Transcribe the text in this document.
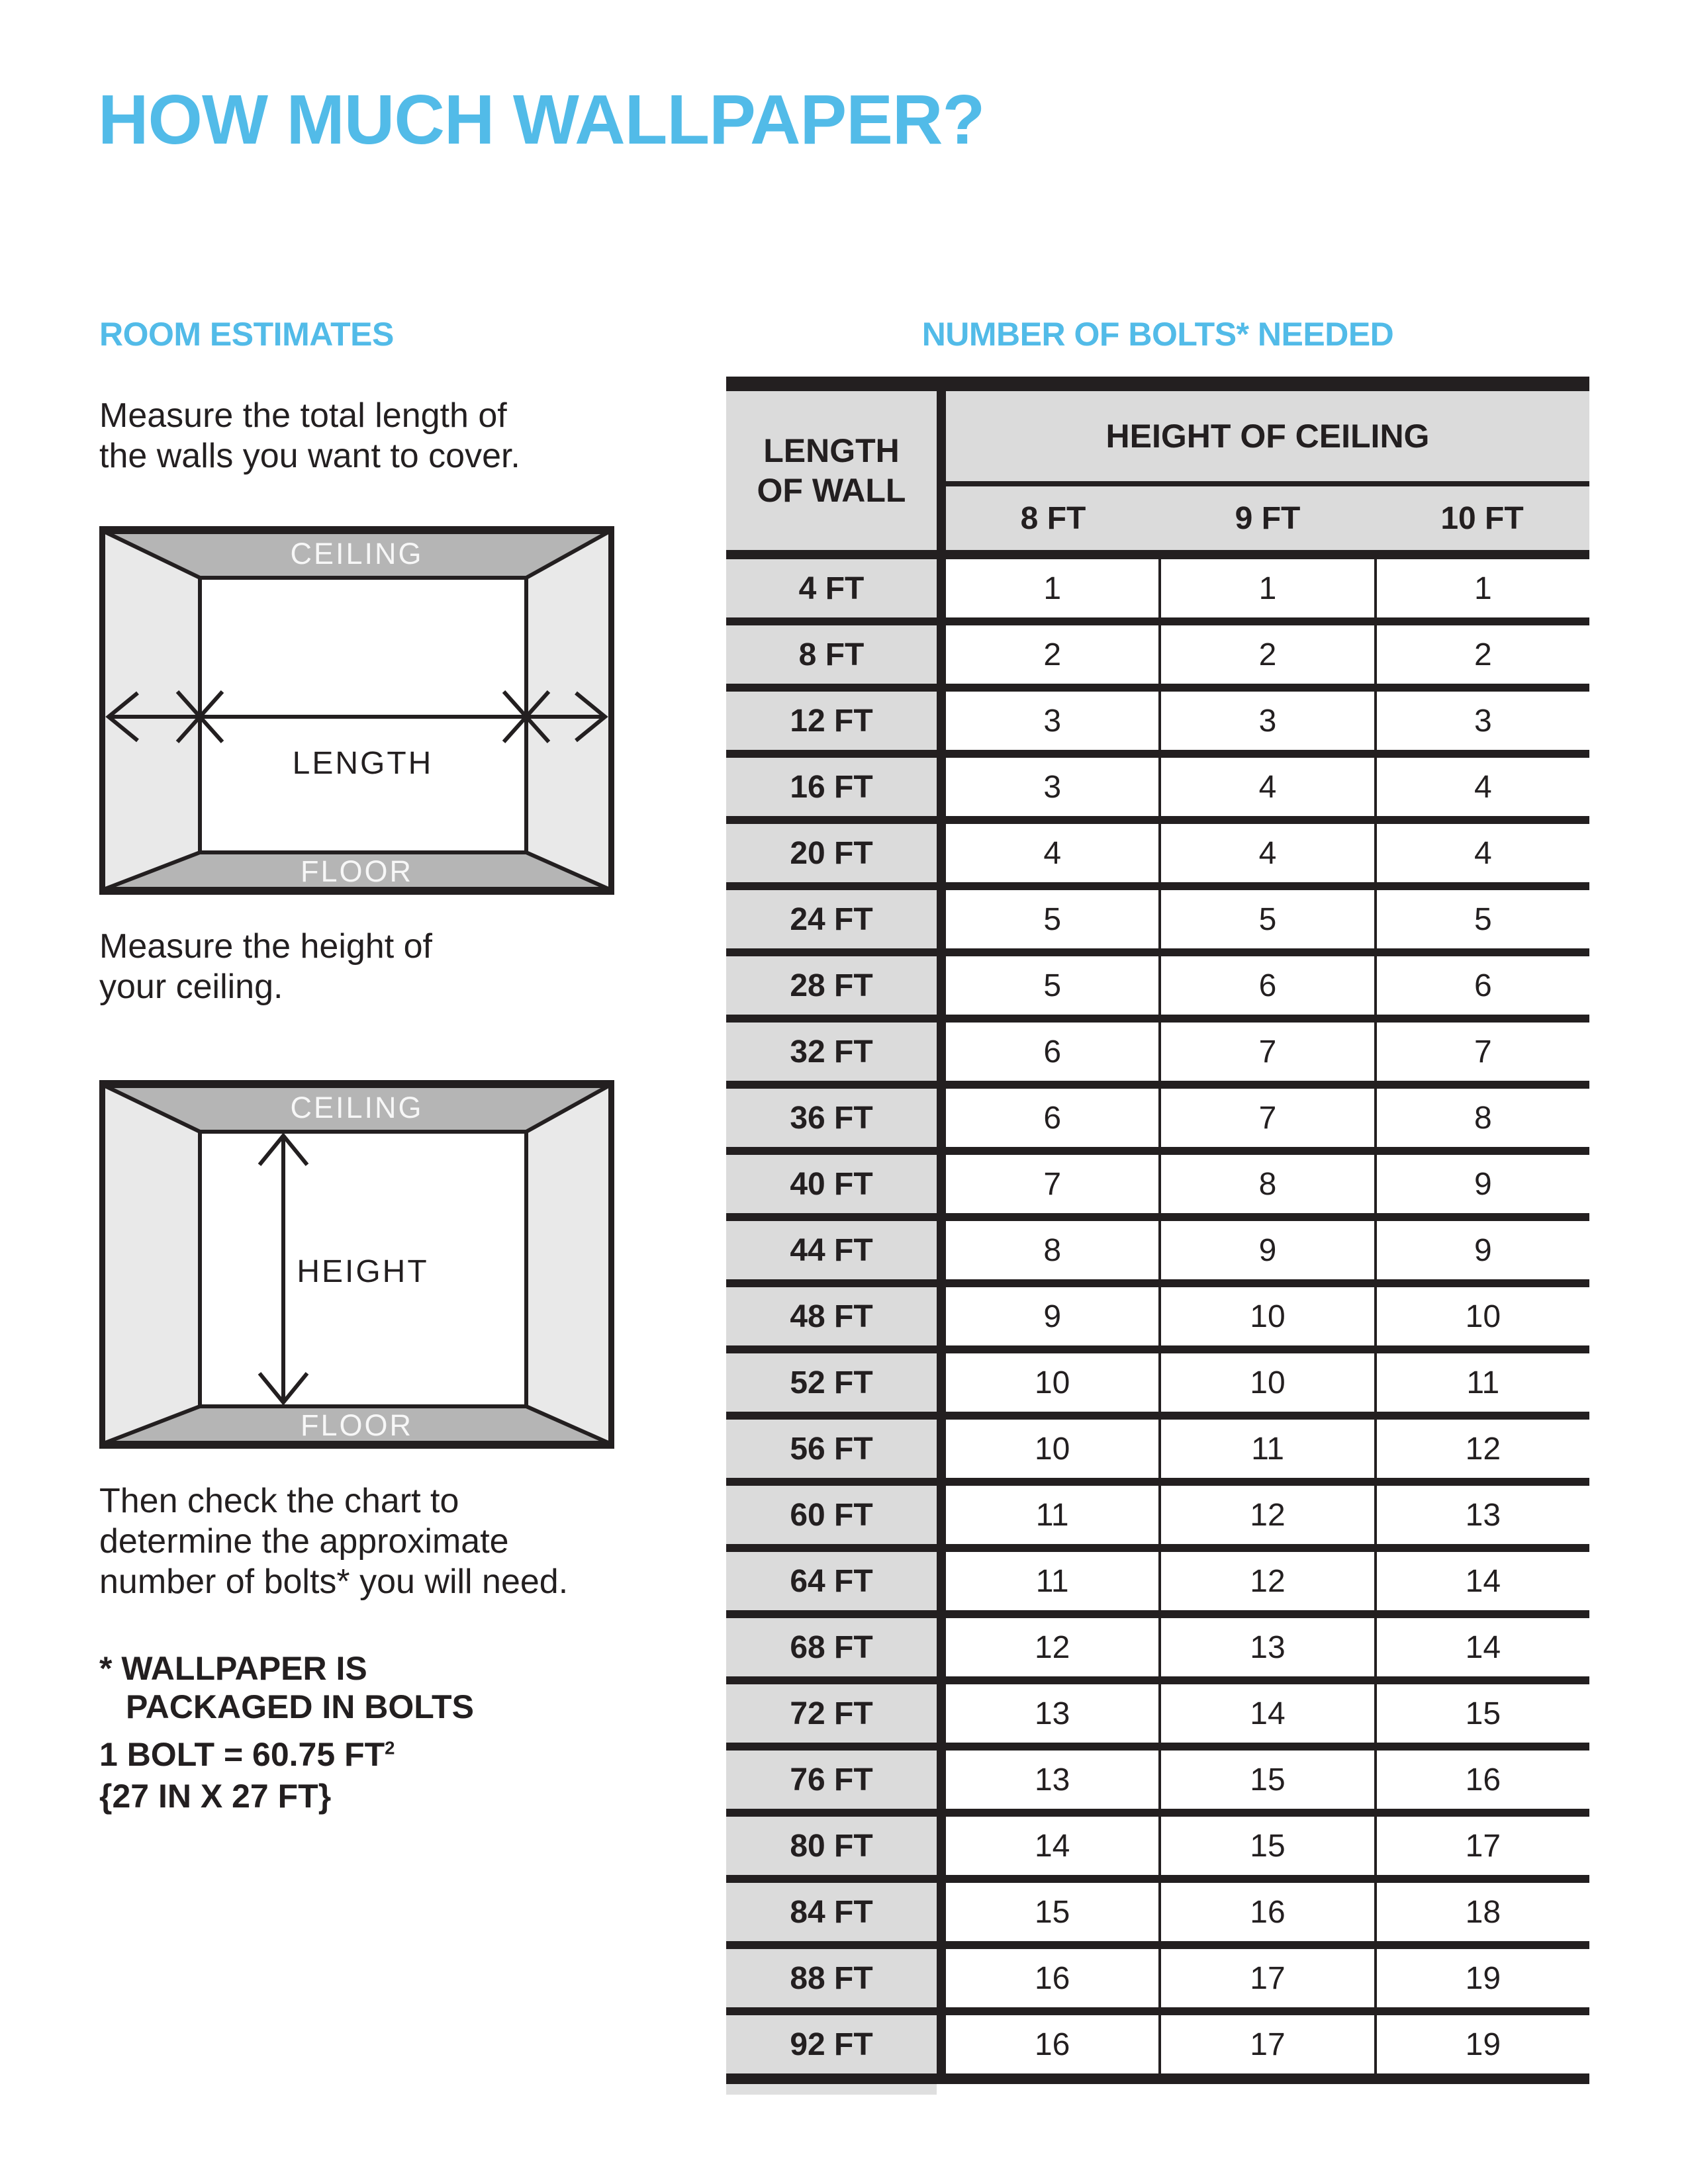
HOW MUCH WALLPAPER?
ROOM ESTIMATES	NUMBER OF BOLTS* NEEDED
Measure the total length of
the walls you want to cover.
CEILING
FLOOR
LENGTH
Measure the height of
your ceiling.
CEILING
FLOOR
HEIGHT
Then check the chart to
determine the approximate
number of bolts* you will need.
* WALLPAPER IS
PACKAGED IN BOLTS
1 BOLT = 60.75 $FT^2$
{27 IN X 27 FT}
LENGTH
OF WALL
HEIGHT OF CEILING
8 FT	9 FT	10 FT
4 FT	1	1	1
8 FT	2	2	2
12 FT	3	3	3
16 FT	3	4	4
20 FT	4	4	4
24 FT	5	5	5
28 FT	5	6	6
32 FT	6	7	7
36 FT	6	7	8
40 FT	7	8	9
44 FT	8	9	9
48 FT	9	10	10
52 FT	10	10	11
56 FT	10	11	12
60 FT	11	12	13
64 FT	11	12	14
68 FT	12	13	14
72 FT	13	14	15
76 FT	13	15	16
80 FT	14	15	17
84 FT	15	16	18
88 FT	16	17	19
92 FT	16	17	19
